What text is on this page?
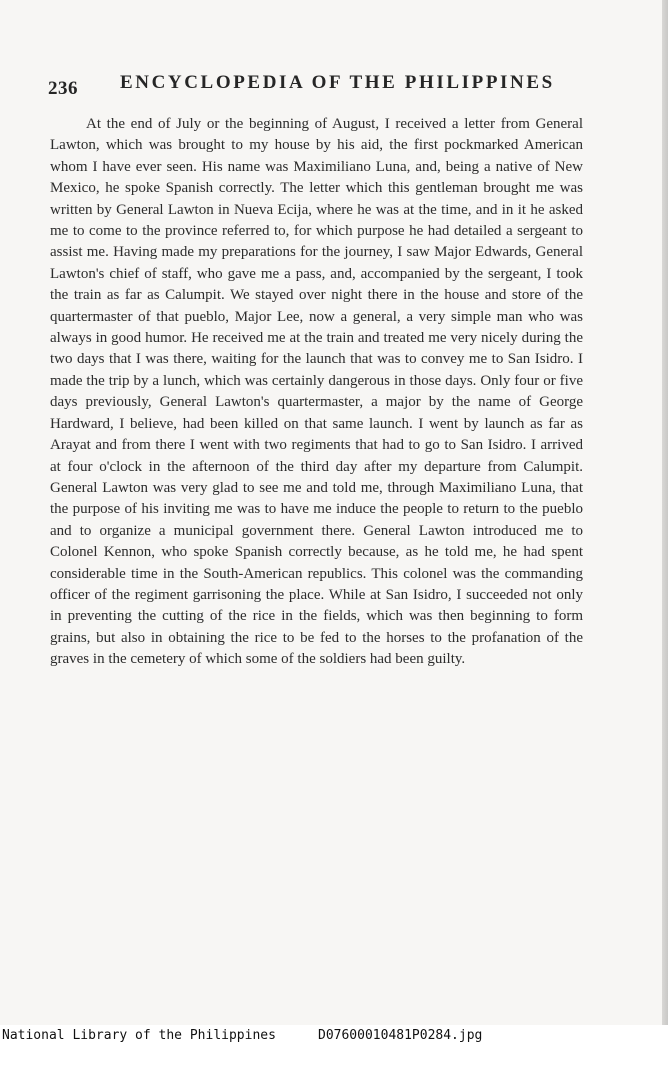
236 ENCYCLOPEDIA OF THE PHILIPPINES

At the end of July or the beginning of August, I received a letter from General Lawton, which was brought to my house by his aid, the first pockmarked American whom I have ever seen. His name was Maximiliano Luna, and, being a native of New Mexico, he spoke Spanish correctly. The letter which this gentleman brought me was written by General Lawton in Nueva Ecija, where he was at the time, and in it he asked me to come to the province referred to, for which purpose he had detailed a sergeant to assist me. Having made my preparations for the journey, I saw Major Edwards, General Lawton's chief of staff, who gave me a pass, and, accompanied by the sergeant, I took the train as far as Calumpit. We stayed over night there in the house and store of the quartermaster of that pueblo, Major Lee, now a general, a very simple man who was always in good humor. He received me at the train and treated me very nicely during the two days that I was there, waiting for the launch that was to convey me to San Isidro. I made the trip by a lunch, which was certainly dangerous in those days. Only four or five days previously, General Lawton's quartermaster, a major by the name of George Hardward, I believe, had been killed on that same launch. I went by launch as far as Arayat and from there I went with two regiments that had to go to San Isidro. I arrived at four o'clock in the afternoon of the third day after my departure from Calumpit. General Lawton was very glad to see me and told me, through Maximiliano Luna, that the purpose of his inviting me was to have me induce the people to return to the pueblo and to organize a municipal government there. General Lawton introduced me to Colonel Kennon, who spoke Spanish correctly because, as he told me, he had spent considerable time in the South-American republics. This colonel was the commanding officer of the regiment garrisoning the place. While at San Isidro, I succeeded not only in preventing the cutting of the rice in the fields, which was then beginning to form grains, but also in obtaining the rice to be fed to the horses to the profanation of the graves in the cemetery of which some of the soldiers had been guilty.

National Library of the Philippines

	D07600010481P0284.jpg
